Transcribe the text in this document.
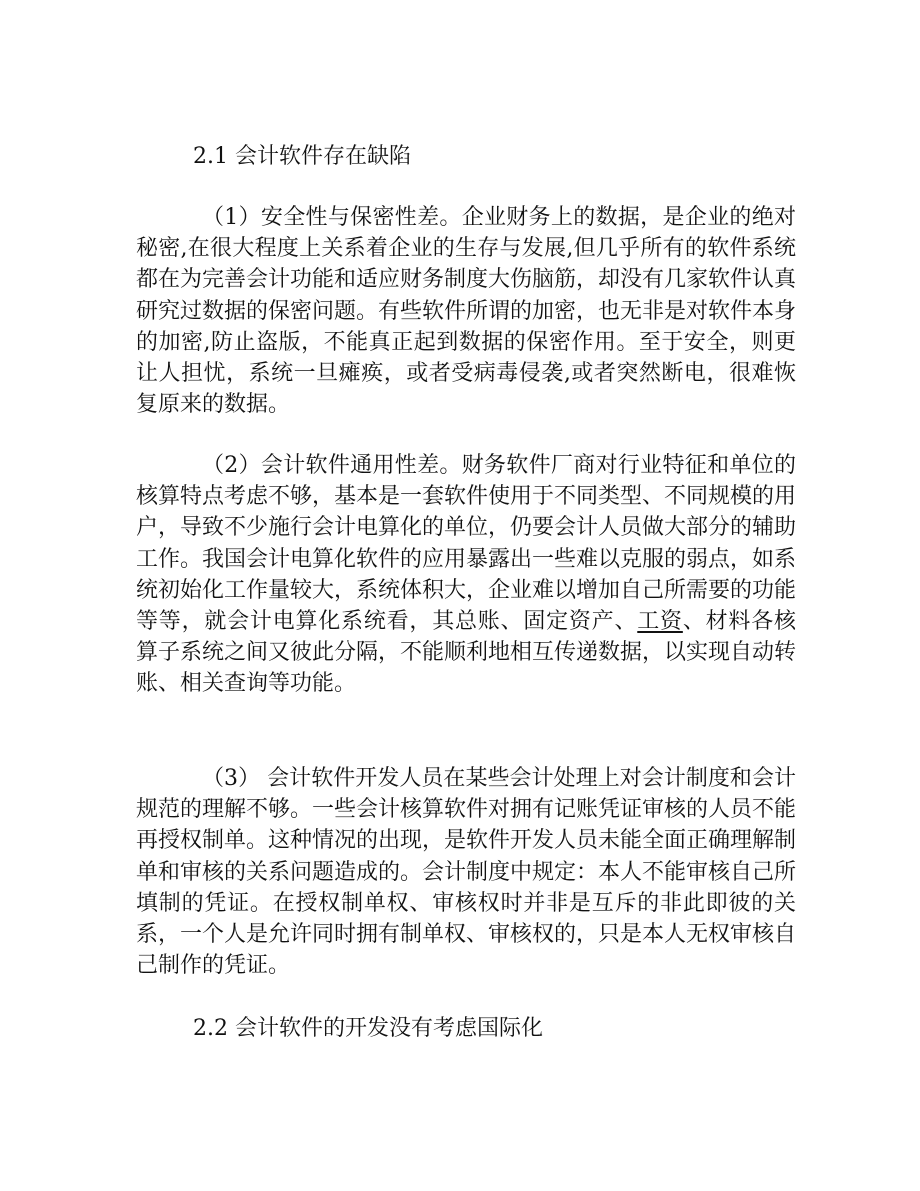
2.1 会计软件存在缺陷

（1）安全性与保密性差。企业财务上的数据，是企业的绝对秘密,在很大程度上关系着企业的生存与发展,但几乎所有的软件系统都在为完善会计功能和适应财务制度大伤脑筋，却没有几家软件认真研究过数据的保密问题。有些软件所谓的加密，也无非是对软件本身的加密,防止盗版，不能真正起到数据的保密作用。至于安全，则更让人担忧，系统一旦瘫痪，或者受病毒侵袭,或者突然断电，很难恢复原来的数据。

（2）会计软件通用性差。财务软件厂商对行业特征和单位的核算特点考虑不够，基本是一套软件使用于不同类型、不同规模的用户，导致不少施行会计电算化的单位，仍要会计人员做大部分的辅助工作。我国会计电算化软件的应用暴露出一些难以克服的弱点，如系统初始化工作量较大，系统体积大，企业难以增加自己所需要的功能等等，就会计电算化系统看，其总账、固定资产、工资、材料各核算子系统之间又彼此分隔，不能顺利地相互传递数据，以实现自动转账、相关查询等功能。

（3） 会计软件开发人员在某些会计处理上对会计制度和会计规范的理解不够。一些会计核算软件对拥有记账凭证审核的人员不能再授权制单。这种情况的出现，是软件开发人员未能全面正确理解制单和审核的关系问题造成的。会计制度中规定：本人不能审核自己所填制的凭证。在授权制单权、审核权时并非是互斥的非此即彼的关系，一个人是允许同时拥有制单权、审核权的，只是本人无权审核自己制作的凭证。

2.2 会计软件的开发没有考虑国际化
